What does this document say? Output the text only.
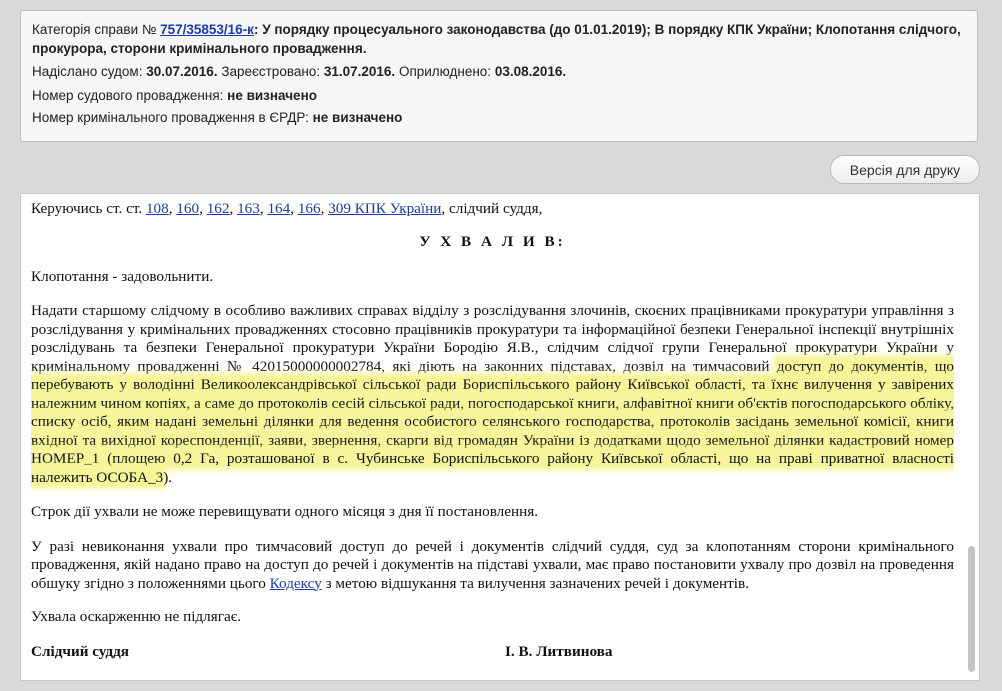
Категорія справи № 757/35853/16-к: У порядку процесуального законодавства (до 01.01.2019); В порядку КПК України; Клопотання слідчого, прокурора, сторони кримінального провадження.
Надіслано судом: 30.07.2016. Зареєстровано: 31.07.2016. Оприлюднено: 03.08.2016.
Номер судового провадження: не визначено
Номер кримінального провадження в ЄРДР: не визначено
Версія для друку

Керуючись ст. ст. 108, 160, 162, 163, 164, 166, 309 КПК України, слідчий суддя,

У Х В А Л И В:

Клопотання - задовольнити.

Надати старшому слідчому в особливо важливих справах відділу з розслідування злочинів, скоєних працівниками прокуратури управління з розслідування у кримінальних провадженнях стосовно працівників прокуратури та інформаційної безпеки Генеральної інспекції внутрішніх розслідувань та безпеки Генеральної прокуратури України Бородію Я.В., слідчим слідчої групи Генеральної прокуратури України у кримінальному провадженні № 42015000000002784, які діють на законних підставах, дозвіл на тимчасовий доступ до документів, що перебувають у володінні Великоолександрівської сільської ради Бориспільського району Київської області, та їхнє вилучення у завірених належним чином копіях, а саме до протоколів сесій сільської ради, погосподарської книги, алфавітної книги об'єктів погосподарського обліку, списку осіб, яким надані земельні ділянки для ведення особистого селянського господарства, протоколів засідань земельної комісії, книги вхідної та вихідної кореспонденції, заяви, звернення, скарги від громадян України із додатками щодо земельної ділянки кадастровий номер НОМЕР_1 (площею 0,2 Га, розташованої в с. Чубинське Бориспільського району Київської області, що на праві приватної власності належить ОСОБА_3).

Строк дії ухвали не може перевищувати одного місяця з дня її постановлення.

У разі невиконання ухвали про тимчасовий доступ до речей і документів слідчий суддя, суд за клопотанням сторони кримінального провадження, якій надано право на доступ до речей і документів на підставі ухвали, має право постановити ухвалу про дозвіл на проведення обшуку згідно з положеннями цього Кодексу з метою відшукання та вилучення зазначених речей і документів.

Ухвала оскарженню не підлягає.

Слідчий суддя	І. В. Литвинова
